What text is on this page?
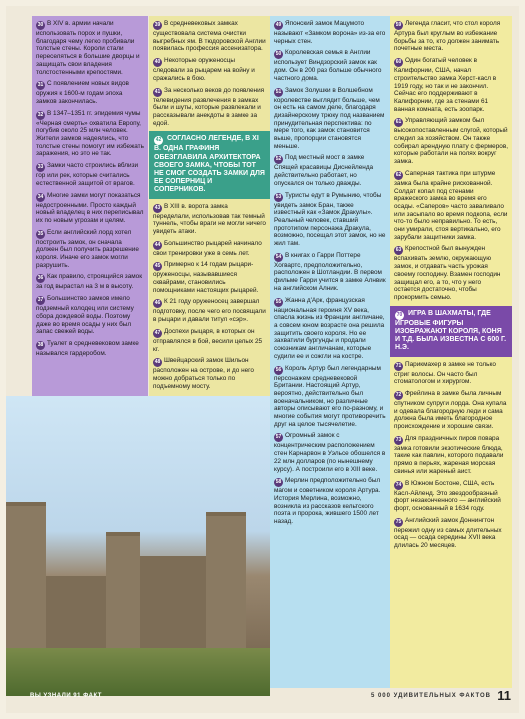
30 В XIV в. армии начали использовать порох и пушки, благодаря чему легко пробивали толстые стены. Короли стали переселяться в большие дворцы и защищать свои владения толстостенными крепостями.
31 С появлением новых видов оружия к 1600-м годам эпоха замков закончилась.
32 В 1347–1351 гг. эпидемия чумы «Черная смерть» охватила Европу, погубив около 25 млн человек. Жители замков надеялись, что толстые стены помогут им избежать заражения, но это не так.
33 Замки часто строились вблизи гор или рек, которые считались естественной защитой от врагов.
34 Многие замки могут показаться недостроенными. Просто каждый новый владелец в них переписывал их по новым угрозам и целям.
35 Если английский лорд хотел построить замок, он сначала должен был получить разрешение короля. Иначе его замок могли разрушить.
36 Как правило, строящийся замок за год вырастал на 3 м в высоту.
37 Большинство замков имело подземный колодец или систему сбора дождевой воды. Поэтому даже во время осады у них был запас свежей воды.
38 Туалет в средневековом замке назывался гардеробом.
39 В средневековых замках существовала система очистки выгребных ям. В тюдоровской Англии появилась профессия ассенизатора.
40 Некоторые оруженосцы следовали за рыцарем на войну и сражались в бою.
41 За несколько веков до появления телевидения развлечения в замках были и шуты, которые развлекали и рассказывали анекдоты в замке за едой.
42 СОГЛАСНО ЛЕГЕНДЕ, В XI В. ОДНА ГРАФИНЯ ОБЕЗГЛАВИЛА АРХИТЕКТОРА СВОЕГО ЗАМКА, ЧТОБЫ ТОТ НЕ СМОГ СОЗДАТЬ ЗАМКИ ДЛЯ ЕЕ СОПЕРНИЦ И СОПЕРНИКОВ.
43 В XIII в. ворота замка переделали, использовав так темный туннель, чтобы враги не могли ничего увидеть атаки.
44 Большинство рыцарей начинало свои тренировки уже в семь лет.
45 Примерно к 14 годам рыцари-оруженосцы, называвшиеся сквайрами, становились помощниками настоящих рыцарей.
46 К 21 году оруженосец завершал подготовку, после чего его посвящали в рыцари и давали титул «сэр».
47 Доспехи рыцаря, в которых он отправлялся в бой, весили целых 25 кг.
48 Швейцарский замок Шильон расположен на острове, и до него можно добраться только по подъемному мосту.
49 Японский замок Мацумото называют «Замком ворона» из-за его черных стен.
50 Королевская семья в Англии использует Виндзорский замок как дом. Он в 200 раз больше обычного частного дома.
51 Замок Золушки в Волшебном королевстве выглядит больше, чем он есть на самом деле, благодаря дизайнерскому трюку под названием принудительная перспектива: по мере того, как замок становится выше, пропорции становятся меньше.
52 Под местный мост в замке Спящей красавицы Диснейленда действительно работает, но опускался он только дважды.
53 Туристы едут в Румынию, чтобы увидеть замок Бран, также известный как «Замок Дракулы». Реальный человек, ставший прототипом персонажа Дракула, возможно, посещал этот замок, но не жил там.
54 В книгах о Гарри Поттере Хогвартс, предположительно, расположен в Шотландии. В первом фильме Гарри учится в замке Алнвик на английском Алник.
55 Жанна д'Арк, французская национальная героиня XV века, спасла жизнь из Франции англичане, а совсем юном возрасте она решила защитить своего короля. Но ее захватили бургунды и продали союзникам англичанам, которые судили ее и сожгли на костре.
56 Король Артур был легендарным персонажем средневековой Британии. Настоящий Артур, вероятно, действительно был военачальником, но различные авторы описывают его по-разному, и многие события могут противоречить друг на целое тысячелетие.
57 Огромный замок с концентрическим расположением стен Карнарвон в Уэльсе обошелся в 22 млн долларов (по нынешнему курсу). А построили его в XIII веке.
58 Мерлин предположительно был магом и советником короля Артура. История Мерлина, возможно, возникла из рассказов кельтского поэта и пророка, жившего 1500 лет назад.
59 Легенда гласит, что стол короля Артура был круглым во избежание борьбы за то, кто должен занимать почетные места.
60 Один богатый человек в Калифорнии, США, начал строительство замка Херст-касл в 1919 году, но так и не закончил. Сейчас его поддерживают в Калифорнии, где за стенами 61 ванная комната, есть зоопарк.
61 Управляющий замком был высокопоставленным слугой, который следил за хозяйством. Он также собирал арендную плату с фермеров, которые работали на полях вокруг замка.
62 Саперная тактика при штурме замка была крайне рискованной. Солдат копал под стенами вражеского замка во время его осады. «Саперов» часто заваливало или засыпало во время подкопа, если что-то было неправильно. То есть, они умирали, стоя вертикально, его зарубали защитники замка.
63 Крепостной был вынужден вспахивать землю, окружающую замок, и отдавать часть урожая своему господину. Взамен господин защищал его, а то, что у него остается достаточно, чтобы прокормить семью.
70 ИГРА В ШАХМАТЫ, ГДЕ ИГРОВЫЕ ФИГУРЫ ИЗОБРАЖАЮТ КОРОЛЯ, КОНЯ И Т.Д. БЫЛА ИЗВЕСТНА С 600 Г. Н.Э.
71 Парикмахер в замке не только стриг волосы. Он часто был стоматологом и хирургом.
72 Фрейлина в замке была личным спутником супруги лорда. Она купала и одевала благородную леди и сама должна была иметь благородное происхождение и хорошие связи.
73 Для праздничных пиров повара замка готовили экзотические блюда, такие как павлин, которого подавали прямо в перьях, жареная морская свинья или жареный аист.
74 В Южном Бостоне, США, есть Касл-Айленд. Это звездообразный форт незаконченного — английский форт, основанный в 1634 году.
75 Английский замок Доннингтон пережил одну из самых длительных осад — осада середины XVII века длилась 20 месяцев.
ВЫ УЗНАЛИ 91 ФАКТ	5 000 УДИВИТЕЛЬНЫХ ФАКТОВ 11
